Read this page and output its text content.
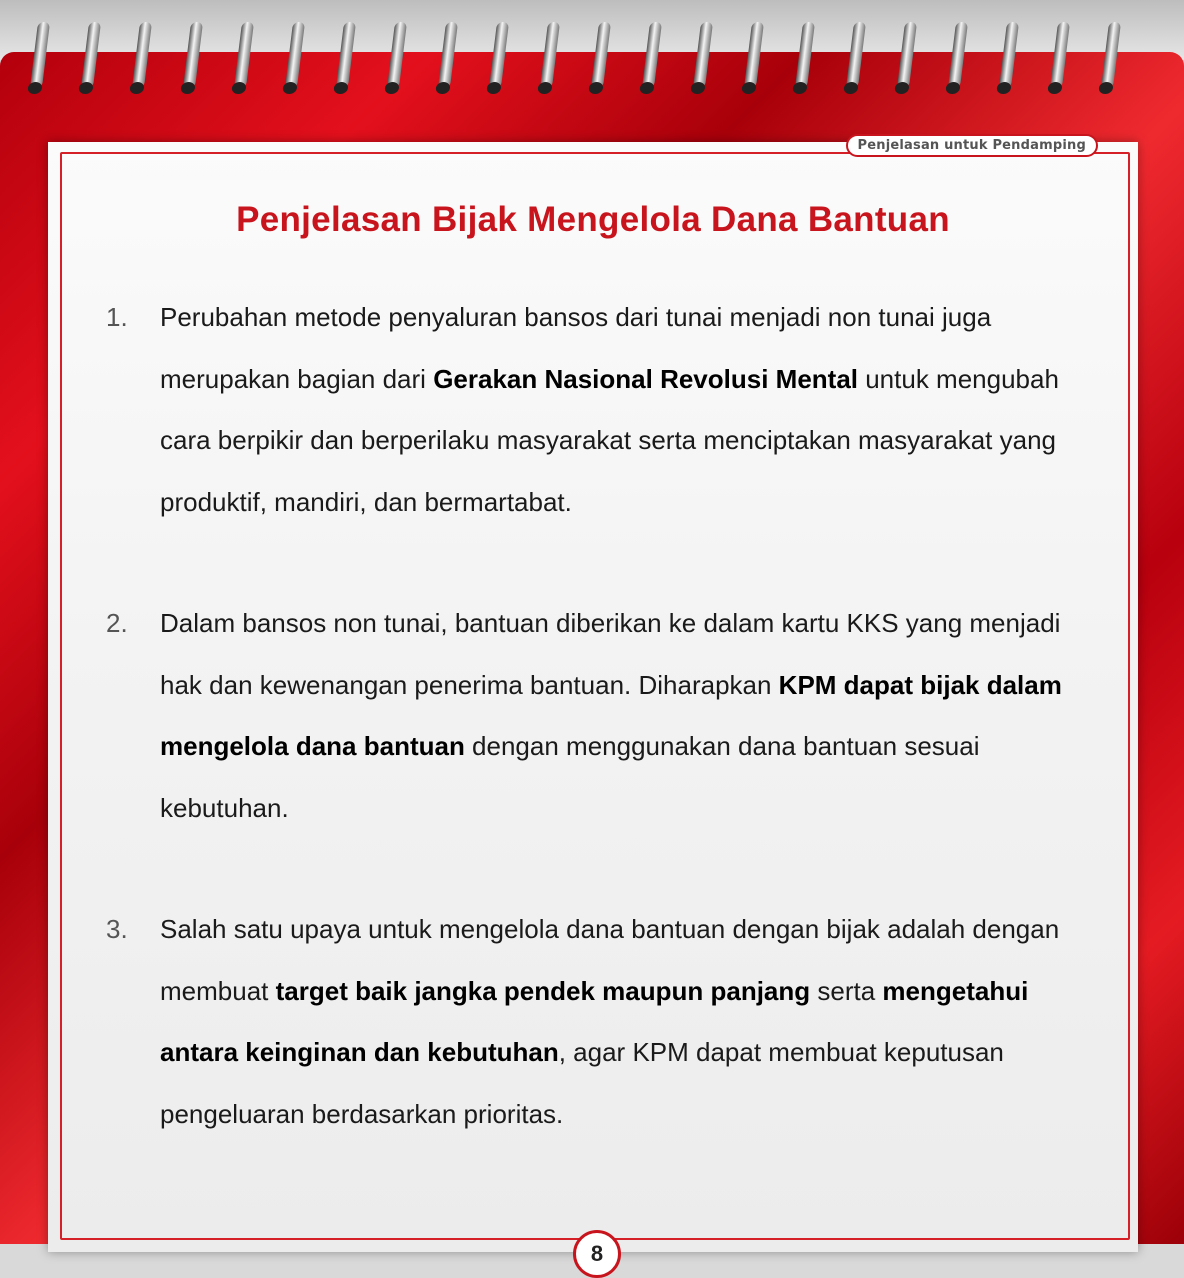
Penjelasan untuk Pendamping
Penjelasan Bijak Mengelola Dana Bantuan
1. Perubahan metode penyaluran bansos dari tunai menjadi non tunai juga merupakan bagian dari Gerakan Nasional Revolusi Mental untuk mengubah cara berpikir dan berperilaku masyarakat serta menciptakan masyarakat yang produktif, mandiri, dan bermartabat.
2. Dalam bansos non tunai, bantuan diberikan ke dalam kartu KKS yang menjadi hak dan kewenangan penerima bantuan. Diharapkan KPM dapat bijak dalam mengelola dana bantuan dengan menggunakan dana bantuan sesuai kebutuhan.
3. Salah satu upaya untuk mengelola dana bantuan dengan bijak adalah dengan membuat target baik jangka pendek maupun panjang serta mengetahui antara keinginan dan kebutuhan, agar KPM dapat membuat keputusan pengeluaran berdasarkan prioritas.
8
